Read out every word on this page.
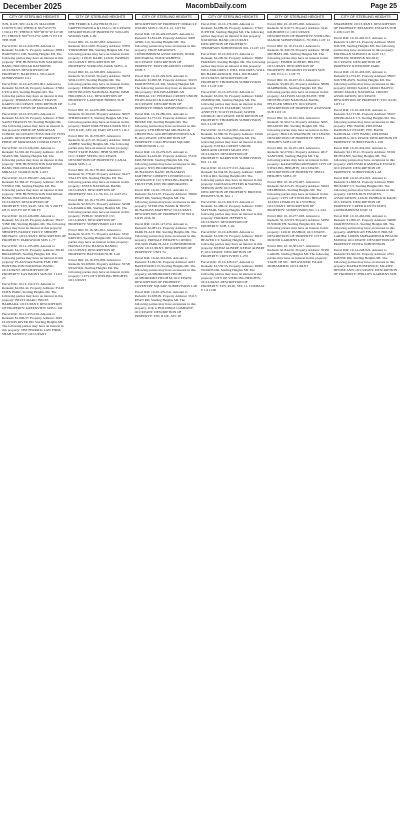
December 2025	MacombDaily.com	Page 25
CITY OF STERLING HEIGHTS

T2N, R12E, SEC 24 & 25, MACOMB COUNTY, MI; THENCE S02°52'25"W 1740.21 FT; THENCE N87°06'35"W 617.98 FT; THENCE S02°55'54"W 1208.71 FT TO THE POB

Parcel ID#: 10-10-229-038. Amount to Redeem: $1,640.71. Property Address: 38061 HARTWELL DR, Sterling Heights MI. The following parties may have an interest in this property: THE HUNTINGTON NATIONAL BANK; HOLOWIAK RAYMOND; OCCUPANT. DESCRIPTION OF PROPERTY: HARTWELL VILLAGE SUBDIVISION L.61

Parcel ID#: 10-10-425-003-001. Amount to Redeem: $2,018.46. Property Address: 37962 UTICA RD, Sterling Heights MI. The following parties may have an interest in this property: THOMAS LINDA J; TRAVIS KAREN; OCCUPANT. DESCRIPTION OF PROPERTY: TOWN OF MONAGHAN

Parcel ID#: 10-10-453-003. Amount to Redeem: $1,421.33. Property Address: 37620 SAINT FRANCIS ST, Sterling Heights MI. The following parties may have an interest in this property: PRIDE OF MORAVIAN CONDO; OCCUPANT; FOSS DOLLY; FOSS LARRY. DESCRIPTION OF PROPERTY: PRIDE OF MORAVIAN CONDO UNIT 8

Parcel ID#: 10-10-326-020. Amount to Redeem: $1,902.40. Property Address: 10-03 SEARS DR, Sterling Heights MI. The following parties may have an interest in this property: THE HUNTINGTON NATIONAL BANK; HOLOWIAK RAYMOND; MIRACLE WOODS SUB. L.203

Parcel ID#: 10-10-380-007. Amount to Redeem: $1,384.47. Property Address: 10-63 VENICE DR, Sterling Heights MI. The following parties may have an interest in this property: THE HUNTINGTON NATIONAL BANK; HOLOWIAK RAYMOND; OCCUPANT. DESCRIPTION OF PROPERTY: T2N, R12E, SEC 36; S 200 FT OF N 1025 FT OF E 300 FT

Parcel ID#: 10-10-226-008. Amount to Redeem: $3,114.03. Property Address: 38157 VINE DR, Sterling Heights MI. The following parties may have an interest in this property: SHERIFFS FAMILY TRUST; SHERIFF MICHAEL; OCCUPANT. DESCRIPTION OF PROPERTY: PARKWOOD SUB. L.77

Parcel ID#: 10-12-105-009. Amount to Redeem: $1,472.61. Property Address: 38140 BROADWAY, Sterling Heights MI. The following parties may have an interest in this property: FLAGSTAR BANK FSB; THE HUNTINGTON NATIONAL BANK; OCCUPANT. DESCRIPTION OF PROPERTY: EASTMONT SUB NO 1 LOT 23

Parcel ID#: 10-12-152-013. Amount to Redeem: $2,061.44. Property Address: 35140 EDEN PARK, Sterling Heights MI. The following parties may have an interest in this property: BELTZ MARC; BELTZ BARBARA; OCCUPANT. DESCRIPTION OF PROPERTY: GREENVIEW SUB L.142

Parcel ID#: 10-12-453-019. Amount to Redeem: $1,806.37. Property Address: 3625 CLINTON RIVER RD, Sterling Heights MI. The following parties may have an interest in this property: THE FERRICK LAW FIRM; SHAH SANJEEV; OCCUPANT

CITY OF STERLING HEIGHTS

THE FERRICK LAW FIRM; PLLC; GRIFFIN DAVID A & LISA G; OCCUPANT. DESCRIPTION OF PROPERTY: WILLOW WOODS SUB. L.99

Parcel ID#: 10-14-467-063. Amount to Redeem: $2,214.80. Property Address: 37855 YORKSHIRE DR, Sterling Heights MI. The following parties may have an interest in this property: LUKIC RADE; LUKIC PASHKO; OCCUPANT. DESCRIPTION OF PROPERTY: STERLING PARK SUB L.11

Parcel ID#: 10-14-328-005. Amount to Redeem: $1,532.90. Property Address: 35653 WOLCOTT, Sterling Heights MI. The following parties may have an interest in this property: EDMOND ROBINSON; THE HUNTINGTON NATIONAL BANK; IMMI HOLDINGS LLC. DESCRIPTION OF PROPERTY: LAKESIDE HOMES SUB L.231

Parcel ID#: 10-14-476-008. Amount to Redeem: $1,264.58. Property Address: 36975 SHERWOOD CT, Sterling Heights MI. The following parties may have an interest in this property: BART INDUSTRIAL PARK NO 2; T2N, R12E, SEC 24; PART OF LOTS 1 & 2

Parcel ID#: 10-16-376-007. Amount to Redeem: $1,415.10. Property Address: 35645 ASHBY, Sterling Heights MI. The following parties may have an interest in this property: FIRST STATE BANK; JBSB SUPPLIES LLC; ERIEF SEEPA; OCCUPANT. DESCRIPTION OF PROPERTY: CANAL PARK SUB. L.4

Parcel ID#: 10-16-178-002. Amount to Redeem: $1,778.46. Property Address: 34477 VALLEY RD, Sterling Heights MI. The following parties may have an interest in this property: ESSEX NATIONAL BANK; OCCUPANT. DESCRIPTION OF PROPERTY: NO. 2 L.56, P.L.13, LOT 251

Parcel ID#: 10-16-179-035. Amount to Redeem: $2,305.55. Property Address: 34508 LA MARRA DR, Sterling Heights MI. The following parties may have an interest in this property: PUBLIC SERVICE CU; OCCUPANT. DESCRIPTION OF PROPERTY: SUBDIVISION LOT 100

Parcel ID#: 10-16-381-001. Amount to Redeem: $1,631.71. Property Address: 3350 KRISTIN, Sterling Heights MI. The following parties may have an interest in this property: HANNA LEYA; HANNA DANIEL; OCCUPANT. DESCRIPTION OF PROPERTY: BAYWOOD SUB. L.26

Parcel ID#: 10-16-479-009. Amount to Redeem: $3,208.60. Property Address: 35720 RYAN RD, Sterling Heights MI. The following parties may have an interest in this property: CITY OF STERLING HEIGHTS; OCCUPANT

CITY OF STERLING HEIGHTS

DESCRIPTION OF PROPERTY: MIRACLE WOODS SUB. L.56, P.L.13, LOT 82

Parcel ID#: 10-16-429-003-005. Amount to Redeem: $1,814.28. Property Address: 4008 APRIL LN, Sterling Heights MI. The following parties may have an interest in this property: TROY MEADOWS CONDOMINIUM ASSOCIATION; NOUR ROUWAIDA; NOUR WAHEED; OCCUPANT. DESCRIPTION OF PROPERTY: TROY MEADOWS CONDO UNIT 5

Parcel ID#: 10-18-229-026. Amount to Redeem: $1,996.38. Property Address: 39133 MARTINSVILLE RD, Sterling Heights MI. The following parties may have an interest in this property: POLISH AMERICAN FEDERAL CU; FEDERAL CREDIT UNION; PITON MACIEJ & KATARZYNA; OCCUPANT. DESCRIPTION OF PROPERTY: HORN SUBDIVISION L.99

Parcel ID#: 10-19-280-001. Amount to Redeem: $1,772.01. Property Address: 4676 BURKE DR, Sterling Heights MI. The following parties may have an interest in this property: CHLEBOWSKI MICHAEL & CHRISTINA; GOLDENDISH EDWIN A & B; OCCUPANT. DESCRIPTION OF PROPERTY: COACHWOOD SQUARE SUBDIVISION L.14

Parcel ID#: 10-19-279-025. Amount to Redeem: $1,429.40. Property Address: 35150 MOUND RD, Sterling Heights MI. The following parties may have an interest in this property: NSN INCORPORATED; DUNASKISS DANE; DUNASKISS MATTHEW; LIBERTY LENDERS LLC; ASSURANCE CO; STERLING BANK & TRUST FSB; DSN INCORPORATED

Parcel ID#: 10-20-176-021. Amount to Redeem: $2,514.07. Property Address: 36990 RYAN RD, Sterling Heights MI. The following parties may have an interest in this property: STERLING BANK & TRUST; DUNASKISS MATTHEW; OCCUPANT. DESCRIPTION OF PROPERTY: SP NO 9; LOTS 29 & 30

Parcel ID#: 10-20-127-054. Amount to Redeem: $2,085.21. Property Address: 36774 PARK PLACE DR, Sterling Heights MI. The following parties may have an interest in this property: PRINGLE HEIGHTS CONDO; WILSON PARK PLACE CONDOMINIUM ASSN; OCCUPANT. DESCRIPTION OF PROPERTY: UNIT 74

Parcel ID#: 10-20-301-004. Amount to Redeem: $1,692.30. Property Address: 4033 BAREWOOD LN, Sterling Heights MI. The following parties may have an interest in this property: ALSBOROOKS HUGH; ALSBOROOKS HUGH M; OCCUPANT. DESCRIPTION OF PROPERTY: COVENTRY SQUARE SUBDIVISION L.90

Parcel ID#: 10-20-479-041. Amount to Redeem: $1,638.09. Property Address: 35113 RYAN RD, Sterling Heights MI. The following parties may have an interest in this property: D & G HOLDINGS COMPANY; OCCUPANT. DESCRIPTION OF PROPERTY: T2N, R12E, SEC 20

CITY OF STERLING HEIGHTS

Parcel ID#: 10-10-176-009. Amount to Redeem: $1,689.46. Property Address: 37622 JUPITER, Sterling Heights MI. The following parties may have an interest in this property: NATIONAL BANK; OCCUPANT. DESCRIPTION OF PROPERTY: THOMPSON SUBDIVISION NO. 2 LOT 123

Parcel ID#: 10-10-202-013. Amount to Redeem: $2,200.92. Property Address: 38062 FORMAN, Sterling Heights MI. The following parties may have an interest in this property: WILL DOLORES J; WILL DOLORES; WILL RICHARD ARNOLD; WILL RICHARD; OCCUPANT. DESCRIPTION OF PROPERTY: THOMPSON SUBDIVISION NO. 2 LOT 549

Parcel ID#: 10-10-203-010. Amount to Redeem: $3,010.30. Property Address: 34042 ZIMMER DR, Sterling Heights MI. The following parties may have an interest in this property: FELIX EJAMEDE; SCOTT ANNETTE; SCOTT EDGAR; JASPER GEORGE; OCCUPANT. DESCRIPTION OF PROPERTY: THOMPSON SUBDIVISION NO. 2 LOT 608

Parcel ID#: 10-10-254-002. Amount to Redeem: $1,980.59. Property Address: 34326 SANDRA LN, Sterling Heights MI. The following parties may have an interest in this property: EXTRA CREDIT UNION; MIDLAND CREDIT MGMT INC; OCCUPANT. DESCRIPTION OF PROPERTY: DARRYTON SUBDIVISION NO. 1 L.69

Parcel ID#: 10-10-277-013. Amount to Redeem: $2,044.96. Property Address: 34005 UTICA RD, Sterling Heights MI. The following parties may have an interest in this property: DANSANA PETERS & WANDA; SERSON ANN; OCCUPANT. DESCRIPTION OF PROPERTY: BRISTOL HEIGHTS SUB. NO. 1

Parcel ID#: 10-10-302-013. Amount to Redeem: $1,486.12. Property Address: 35001 MAYFAIR, Sterling Heights MI. The following parties may have an interest in this property: HOOKER JEFFREY S; OCCUPANT. DESCRIPTION OF PROPERTY: SUB. L.66

Parcel ID#: 10-10-428-009. Amount to Redeem: $1,630.70. Property Address: 38247 BEAVER CT, Sterling Heights MI. The following parties may have an interest in this property: REPOZ ALBERT; REPOZ ALBERT F; OCCUPANT. DESCRIPTION OF PROPERTY: CRESTVIEW L.270

Parcel ID#: 10-10-428-017. Amount to Redeem: $1,559.53. Property Address: 38300 WOODS DR, Sterling Heights MI. The following parties may have an interest in this property: CITY OF STERLING HEIGHTS; OCCUPANT. DESCRIPTION OF PROPERTY: T2N, R12E, SEC 11, COMM AT E 1/4 COR

CITY OF STERLING HEIGHTS

Parcel ID#: 10-10-185-000. Amount to Redeem: $1,910.73. Property Address: 3244 KILBORNE LC; OCCUPANT. DESCRIPTION OF PROPERTY: STERLING MANOR SUBDIVISION L.79; PMI. LOT 12

Parcel ID#: 10-10-154-011. Amount to Redeem: $1,390.78. Property Address: 38108 MICHAEL DR, Sterling Heights MI. The following parties may have an interest in this property: FISHER ALBERT; HELEN; OCCUPANT. DESCRIPTION OF PROPERTY: BELMONT ESTATES SUB L.106; P.L.L.C. LOT 75

Parcel ID#: 10-10-227-011. Amount to Redeem: $3,461.65. Property Address: 38069 MARBROOK, Sterling Heights MI. The following parties may have an interest in this property: ALLISON JACQUELINE; THE HUNTINGTON NATIONAL BANK; PFLEGER SHIRLEY; OCCUPANT. DESCRIPTION OF PROPERTY: ASSESSOR SUB LOT 10

Parcel ID#: 10-10-251-004. Amount to Redeem: $1,904.74. Property Address: 5003 MEADOW DR, Sterling Heights MI. The following parties may have an interest in this property: HOLLIS SHANNON; OCCUPANT. DESCRIPTION OF PROPERTY: SHELL HEIGHTS SUB LOT 98

Parcel ID#: 10-10-251-043. Amount to Redeem: $2,270.91. Property Address: 4817 SANFORD, Sterling Heights MI. The following parties may have an interest in this property: KARANOSKI RICHARD; CITY OF STERLING HEIGHTS; OCCUPANT. DESCRIPTION OF PROPERTY: SHELL HEIGHTS SUB L.97

Parcel ID#: 10-10-276-007. Amount to Redeem: $2,315.45. Property Address: 34622 DELIBERTA, Sterling Heights MI. The following parties may have an interest in this property: CITY OF STERLING HEIGHTS; TAUNO CHARLES & CYNTHIA; OCCUPANT. DESCRIPTION OF PROPERTY: SUBDIVISION NO. 1 L.244

Parcel ID#: 10-10-277-028. Amount to Redeem: $1,522.63. Property Address: 34850 PLYMOUTH, Sterling Heights MI. The following parties may have an interest in this property: LUKIC PASHKO; OCCUPANT. DESCRIPTION OF PROPERTY: CITY OF MOUND GARDENS L.19

Parcel ID#: 10-10-303-017. Amount to Redeem: $1,844.56. Property Address: 35330 CARON, Sterling Heights MI. The following parties may have an interest in this property: STATE OF MI - TREASURER; ISLAM MOHAMMED; OCCUPANT

CITY OF STERLING HEIGHTS

SHARMEEN; OCCUPANT. DESCRIPTION OF PROPERTY: BELMONT ESTATES SUB L.106; LOT 95

Parcel ID#: 10-10-402-013. Amount to Redeem: $1,497.13. Property Address: 38101 SOUTH, Sterling Heights MI. The following parties may have an interest in this property: MICHIGAN SCHOOLS & GOV CU; SPENCER JOSEPH & NICOLE; OCCUPANT. DESCRIPTION OF PROPERTY: RIVERSIDE PARK

Parcel ID#: 10-10-403-005. Amount to Redeem: $1,754.67. Property Address: 38507 SOUTHLAWN, Sterling Heights MI. The following parties may have an interest in this property: ODOO XAOLI; ODOO HAOYU; ODOO XIAOLI; NATIONAL CREDIT ASSOCIATION; OCCUPANT. DESCRIPTION OF PROPERTY: T2N, R12E; LOT 12

Parcel ID#: 10-10-403-043. Amount to Redeem: $1,715.60. Property Address: 38167 SPRINGDALE CT, Sterling Heights MI. The following parties may have an interest in this property: PNC BANK; ZIELINSKI RAMONA E ESTATE; PNC BANK NATIONAL CITY BANK; ZIELINSKI RAMONA; OCCUPANT. DESCRIPTION OF PROPERTY: SUBDIVISION L.108

Parcel ID#: 10-10-404-001. Amount to Redeem: $2,110.11. Property Address: 33302 BETH ANN, Sterling Heights MI. The following parties may have an interest in this property: ZIELINSKI RAMONA E ESTATE; OCCUPANT. DESCRIPTION OF PROPERTY: SUBDIVISION L.48

Parcel ID#: 10-10-451-001. Amount to Redeem: $1,668.34. Property Address: 8300 HICKORY CT, Sterling Heights MI. The following parties may have an interest in this property: CREEK RUN ESTATES ASSOCIATION; LUKIC PASHKO & RADE; OCCUPANT. DESCRIPTION OF PROPERTY: CREEK RUN ESTATES CONDOMINIUM UNIT 74

Parcel ID#: 10-10-462-002. Amount to Redeem: $1,906.47. Property Address: 34688 MARTINSVILLE, Sterling Heights MI. The following parties may have an interest in this property: AMERICAN FINANCE HOUSE LARIBA; UDDIN MOHAMMED & BEGUM FATIMA; OCCUPANT. DESCRIPTION OF PROPERTY: PENTA SUBDIVISION

Parcel ID#: 10-14-228-022. Amount to Redeem: $3,362.10. Property Address: 2555 RAVINE DR, Sterling Heights MI. The following parties may have an interest in this property: DAPRATO BERNICE; MCATEE DENISE ANN; OCCUPANT. DESCRIPTION OF PROPERTY: PHILLIPS GARDENS SUB
